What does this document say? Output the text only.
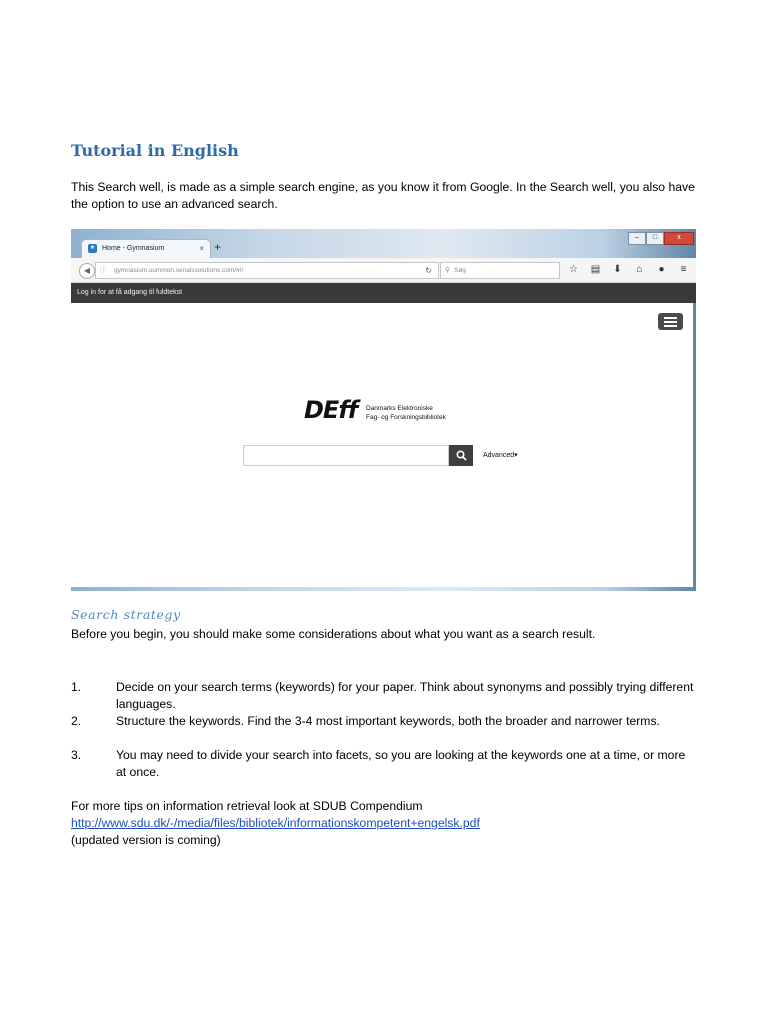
Tutorial in English
This Search well, is made as a simple search engine, as you know it from Google. In the Search well, you also have the option to use an advanced search.
★ Home - Gymnasium	× +
–	□	x
◀	ⓘ gymnasium.summon.serialssolutions.com/#!/	↻ ⚲ Søg	☆	▤	⬇	⌂	●	≡
Log in for at få adgang til fuldtekst
DEff Danmarks Elektroniske
Fag- og Forskningsbibliotek
Advanced▾
Search strategy
Before you begin, you should make some considerations about what you want as a search result.
1.	Decide on your search terms (keywords) for your paper. Think about synonyms and possibly trying different languages.
2.	Structure the keywords. Find the 3-4 most important keywords, both the broader and narrower terms.
3.	You may need to divide your search into facets, so you are looking at the keywords one at a time, or more at once.
For more tips on information retrieval look at SDUB Compendium http://www.sdu.dk/-/media/files/bibliotek/informationskompetent+engelsk.pdf
(updated version is coming)
